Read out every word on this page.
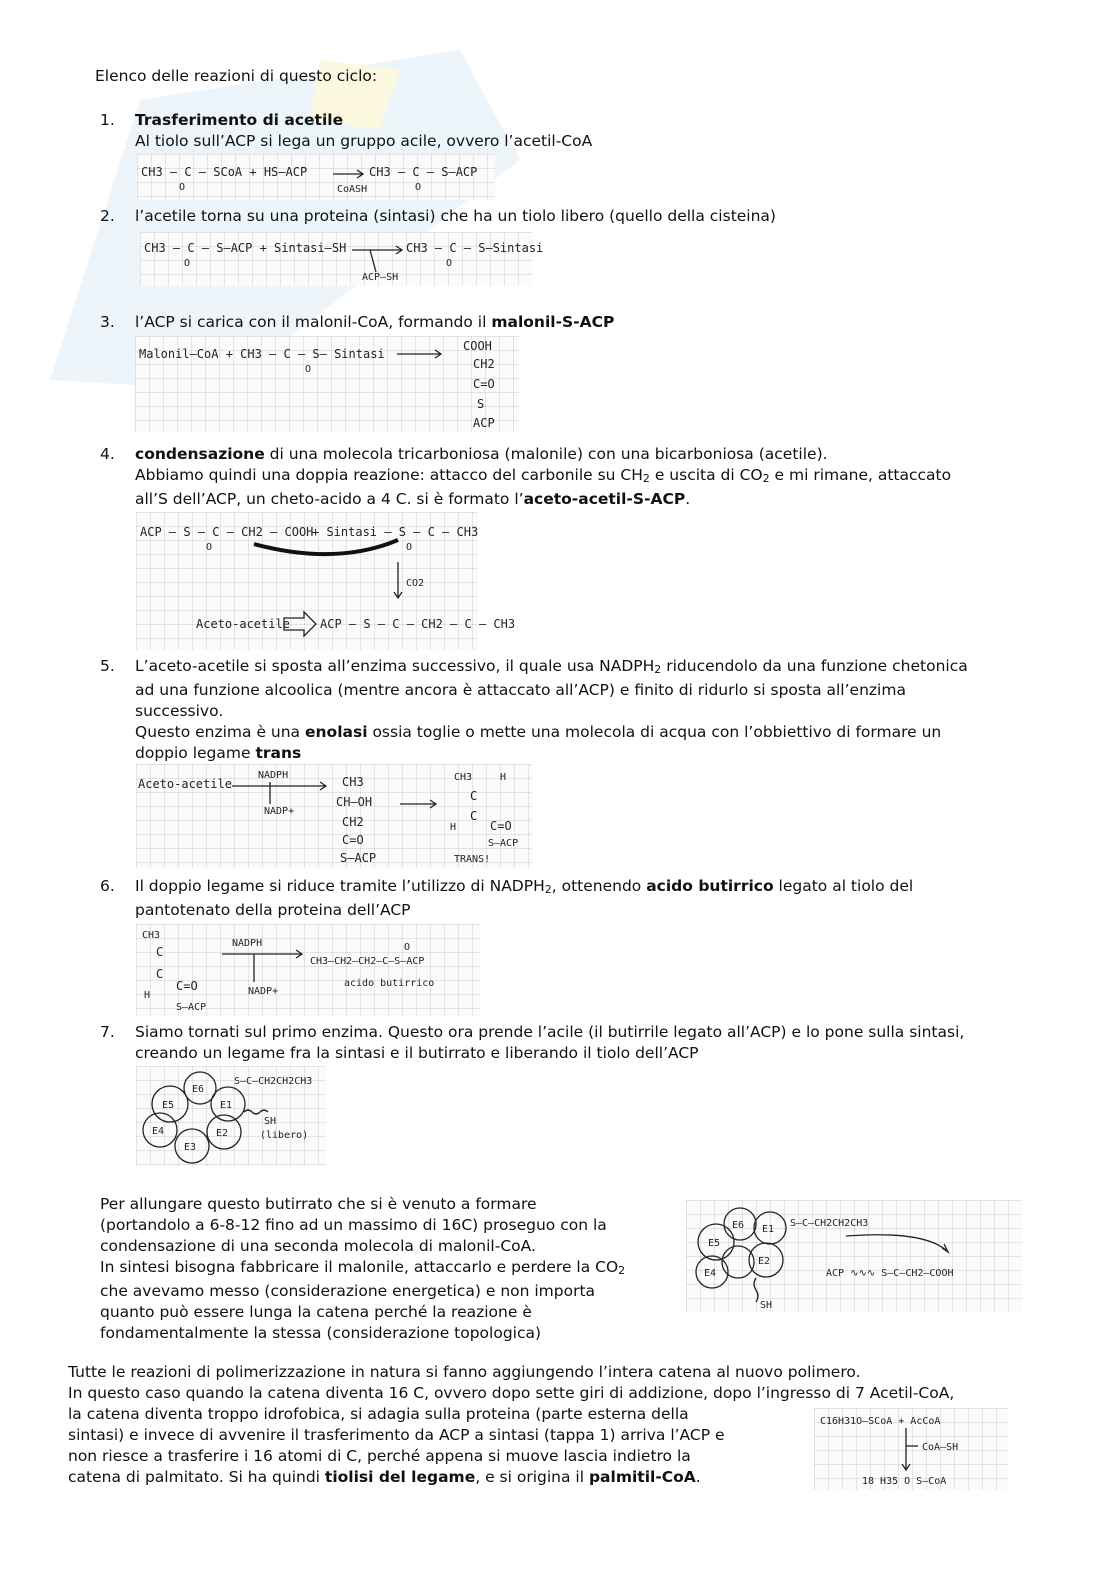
Elenco delle reazioni di questo ciclo:
1.	Trasferimento di acetile
Al tiolo sull’ACP si lega un gruppo acile, ovvero l’acetil-CoA
CH3 – C – SCoA + HS–ACP
O	CoASH
CH3 – C – S–ACP
O
2.	l’acetile torna su una proteina (sintasi) che ha un tiolo libero (quello della cisteina)
CH3 – C – S–ACP + Sintasi–SH
O
ACP–SH
CH3 – C – S–Sintasi
O
3.	l’ACP si carica con il malonil-CoA, formando il malonil-S-ACP
Malonil–CoA + CH3 – C – S– Sintasi
O
COOH
CH2
C=O
S
ACP
4.	condensazione di una molecola tricarboniosa (malonile) con una bicarboniosa (acetile).
Abbiamo quindi una doppia reazione: attacco del carbonile su CH2 e uscita di CO2 e mi rimane, attaccato
all’S dell’ACP, un cheto-acido a 4 C. si è formato l’aceto-acetil-S-ACP.
ACP – S – C – CH2 – COOH
O
+ Sintasi – S – C – CH3
O
CO2
Aceto-acetile	ACP – S – C – CH2 – C – CH3
5.	L’aceto-acetile si sposta all’enzima successivo, il quale usa NADPH2 riducendolo da una funzione chetonica
ad una funzione alcoolica (mentre ancora è attaccato all’ACP) e finito di ridurlo si sposta all’enzima
successivo.
Questo enzima è una enolasi ossia toglie o mette una molecola di acqua con l’obbiettivo di formare un
doppio legame trans
Aceto-acetile
NADPH
NADP+
CH3
CH–OH
CH2
C=O
S–ACP
CH3	H
C
C
H	C=O
S–ACP
TRANS!
6.	Il doppio legame si riduce tramite l’utilizzo di NADPH2, ottenendo acido butirrico legato al tiolo del
pantotenato della proteina dell’ACP
CH3
C
C
H
C=O
S–ACP
NADPH
NADP+
CH3–CH2–CH2–C–S–ACP
O
acido butirrico
7.	Siamo tornati sul primo enzima. Questo ora prende l’acile (il butirrile legato all’ACP) e lo pone sulla sintasi,
creando un legame fra la sintasi e il butirrato e liberando il tiolo dell’ACP
E5
E6
E1
E2
E3
E4
S–C–CH2CH2CH3
SH
(libero)
Per allungare questo butirrato che si è venuto a formare
(portandolo a 6-8-12 fino ad un massimo di 16C) proseguo con la
condensazione di una seconda molecola di malonil-CoA.
In sintesi bisogna fabbricare il malonile, attaccarlo e perdere la CO2
che avevamo messo (considerazione energetica) e non importa
quanto può essere lunga la catena perché la reazione è
fondamentalmente la stessa (considerazione topologica)
E5
E6 E1
E2
E4
S–C–CH2CH2CH3
ACP ∿∿∿ S–C–CH2–COOH
SH
Tutte le reazioni di polimerizzazione in natura si fanno aggiungendo l’intera catena al nuovo polimero.
In questo caso quando la catena diventa 16 C, ovvero dopo sette giri di addizione, dopo l’ingresso di 7 Acetil-CoA,
la catena diventa troppo idrofobica, si adagia sulla proteina (parte esterna della
sintasi) e invece di avvenire il trasferimento da ACP a sintasi (tappa 1) arriva l’ACP e
non riesce a trasferire i 16 atomi di C, perché appena si muove lascia indietro la
catena di palmitato. Si ha quindi tiolisi del legame, e si origina il palmitil-CoA.
C16H31O–SCoA + AcCoA
CoA–SH
18 H35 O S–CoA
